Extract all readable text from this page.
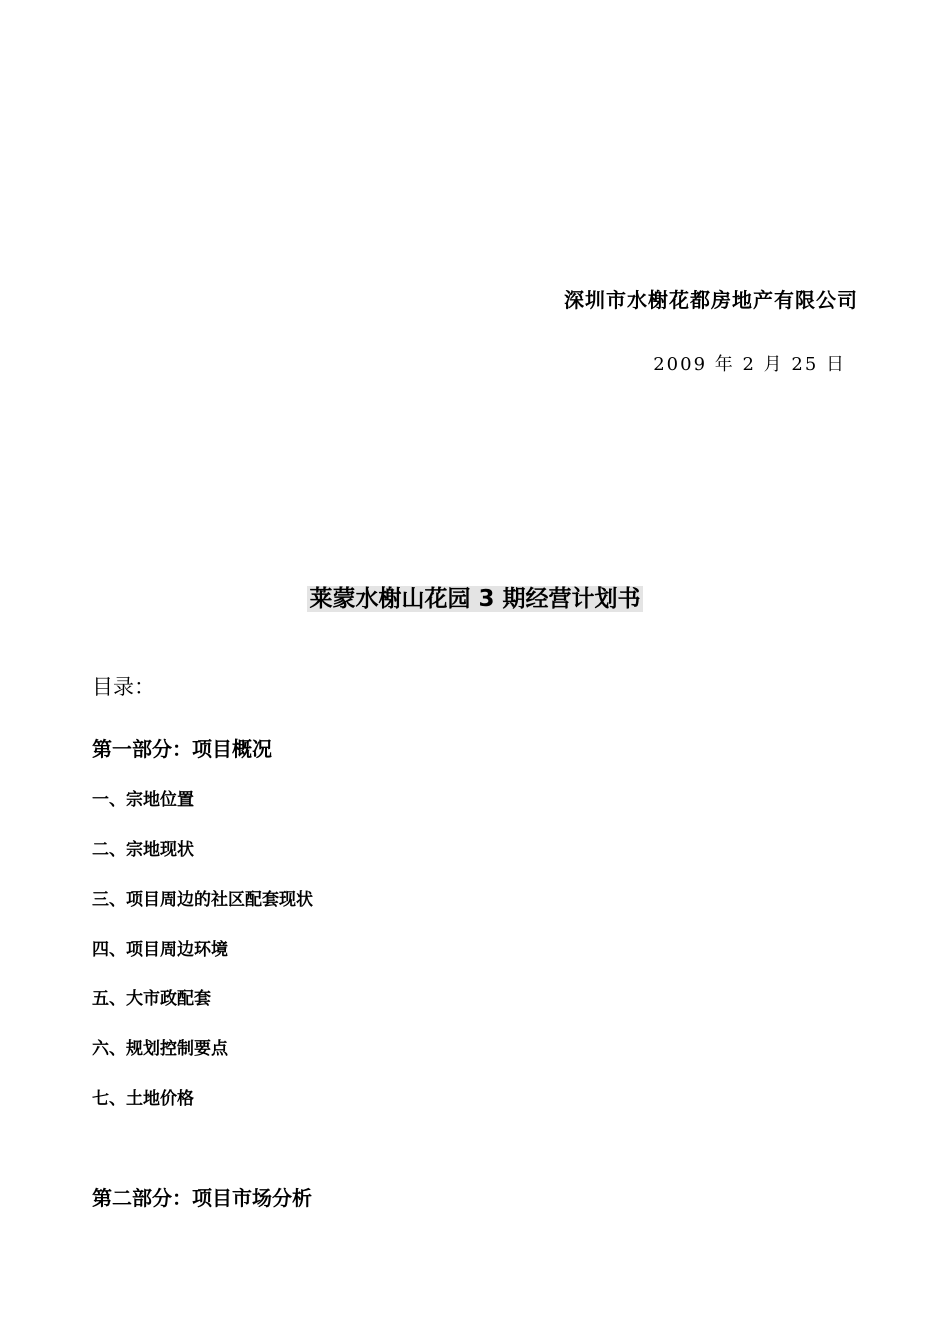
深圳市水榭花都房地产有限公司
2009 年 2 月 25 日
莱蒙水榭山花园 3 期经营计划书
目录：
第一部分：项目概况
一、宗地位置
二、宗地现状
三、项目周边的社区配套现状
四、项目周边环境
五、大市政配套
六、规划控制要点
七、土地价格
第二部分：项目市场分析
